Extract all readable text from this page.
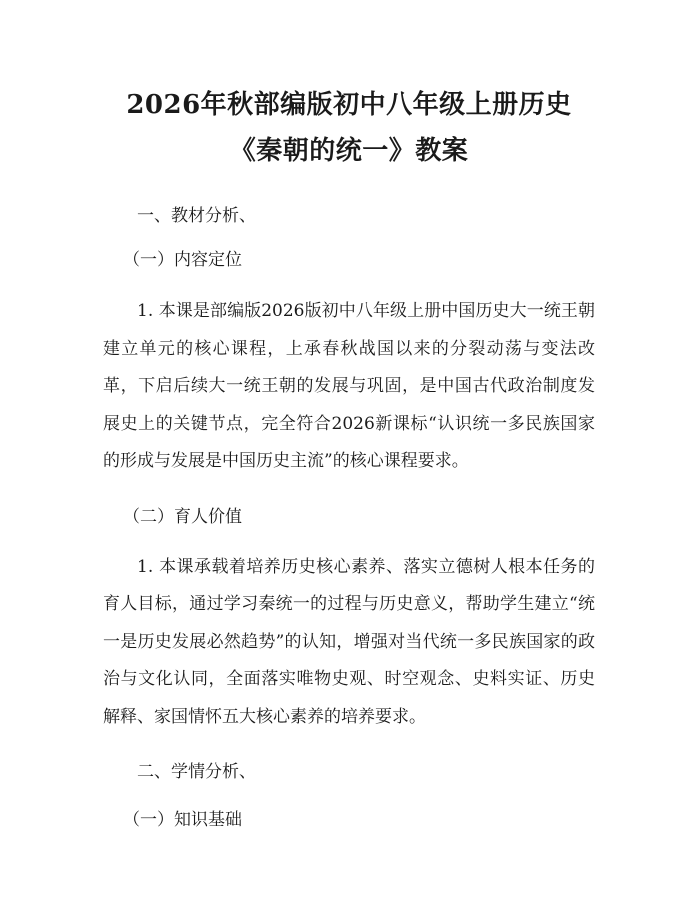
2026年秋部编版初中八年级上册历史《秦朝的统一》教案
一、教材分析、
（一）内容定位

1. 本课是部编版2026版初中八年级上册中国历史大一统王朝建立单元的核心课程，上承春秋战国以来的分裂动荡与变法改革，下启后续大一统王朝的发展与巩固，是中国古代政治制度发展史上的关键节点，完全符合2026新课标“认识统一多民族国家的形成与发展是中国历史主流”的核心课程要求。

（二）育人价值

1. 本课承载着培养历史核心素养、落实立德树人根本任务的育人目标，通过学习秦统一的过程与历史意义，帮助学生建立“统一是历史发展必然趋势”的认知，增强对当代统一多民族国家的政治与文化认同，全面落实唯物史观、时空观念、史料实证、历史解释、家国情怀五大核心素养的培养要求。

二、学情分析、
（一）知识基础
